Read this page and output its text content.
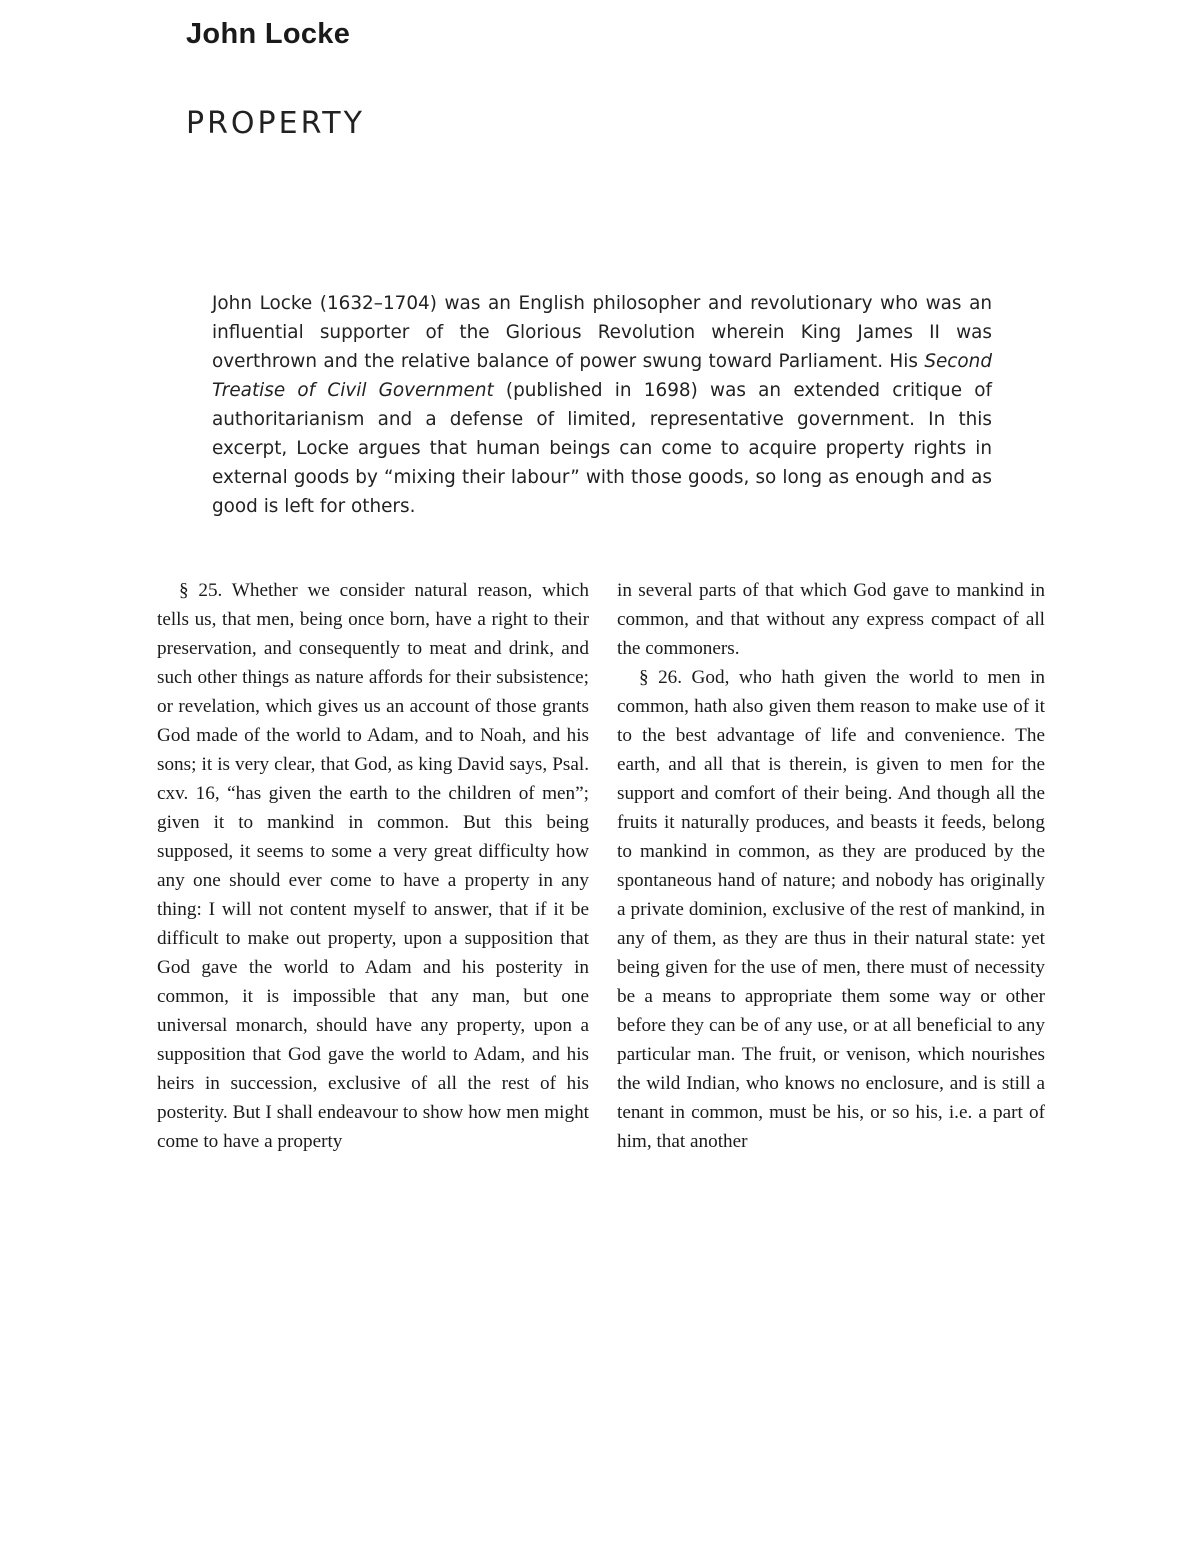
John Locke
PROPERTY

John Locke (1632–1704) was an English philosopher and revolutionary who was an influential supporter of the Glorious Revolution wherein King James II was overthrown and the relative balance of power swung toward Parliament. His Second Treatise of Civil Government (published in 1698) was an extended critique of authoritarianism and a defense of limited, representative government. In this excerpt, Locke argues that human beings can come to acquire property rights in external goods by “mixing their labour” with those goods, so long as enough and as good is left for others.

§ 25. Whether we consider natural reason, which tells us, that men, being once born, have a right to their preservation, and consequently to meat and drink, and such other things as nature affords for their subsistence; or revelation, which gives us an account of those grants God made of the world to Adam, and to Noah, and his sons; it is very clear, that God, as king David says, Psal. cxv. 16, “has given the earth to the children of men”; given it to mankind in common. But this being supposed, it seems to some a very great difficulty how any one should ever come to have a property in any thing: I will not content myself to answer, that if it be difficult to make out property, upon a supposition that God gave the world to Adam and his posterity in common, it is impossible that any man, but one universal monarch, should have any property, upon a supposition that God gave the world to Adam, and his heirs in succession, exclusive of all the rest of his posterity. But I shall endeavour to show how men might come to have a property

in several parts of that which God gave to mankind in common, and that without any express compact of all the commoners.

§ 26. God, who hath given the world to men in common, hath also given them reason to make use of it to the best advantage of life and convenience. The earth, and all that is therein, is given to men for the support and comfort of their being. And though all the fruits it naturally produces, and beasts it feeds, belong to mankind in common, as they are produced by the spontaneous hand of nature; and nobody has originally a private dominion, exclusive of the rest of mankind, in any of them, as they are thus in their natural state: yet being given for the use of men, there must of necessity be a means to appropriate them some way or other before they can be of any use, or at all beneficial to any particular man. The fruit, or venison, which nourishes the wild Indian, who knows no enclosure, and is still a tenant in common, must be his, or so his, i.e. a part of him, that another
